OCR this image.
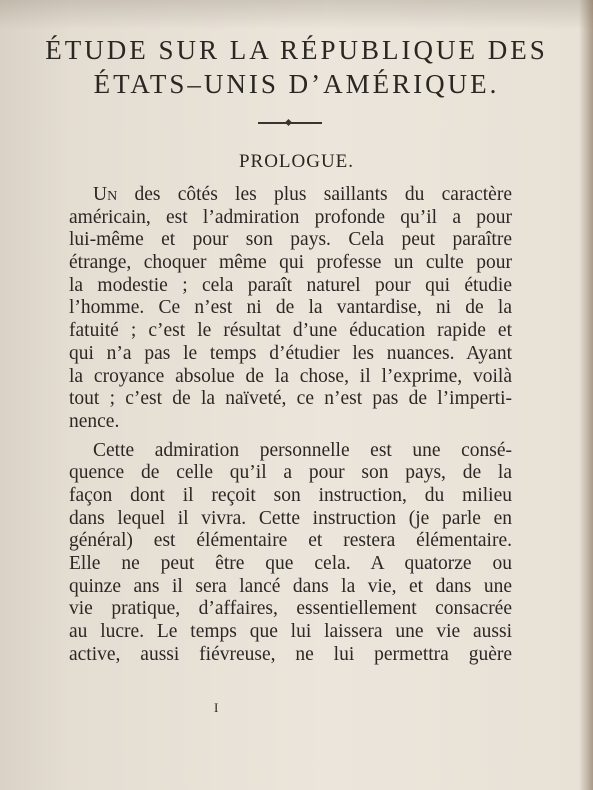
ÉTUDE SUR LA RÉPUBLIQUE DES
ÉTATS–UNIS D’AMÉRIQUE.
PROLOGUE.
Un des côtés les plus saillants du caractère
américain, est l’admiration profonde qu’il a pour
lui-même et pour son pays. Cela peut paraître
étrange, choquer même qui professe un culte pour
la modestie ; cela paraît naturel pour qui étudie
l’homme. Ce n’est ni de la vantardise, ni de la
fatuité ; c’est le résultat d’une éducation rapide et
qui n’a pas le temps d’étudier les nuances. Ayant
la croyance absolue de la chose, il l’exprime, voilà
tout ; c’est de la naïveté, ce n’est pas de l’imperti-
nence.
Cette admiration personnelle est une consé-
quence de celle qu’il a pour son pays, de la
façon dont il reçoit son instruction, du milieu
dans lequel il vivra. Cette instruction (je parle en
général) est élémentaire et restera élémentaire.
Elle ne peut être que cela. A quatorze ou
quinze ans il sera lancé dans la vie, et dans une
vie pratique, d’affaires, essentiellement consacrée
au lucre. Le temps que lui laissera une vie aussi
active, aussi fiévreuse, ne lui permettra guère
I
